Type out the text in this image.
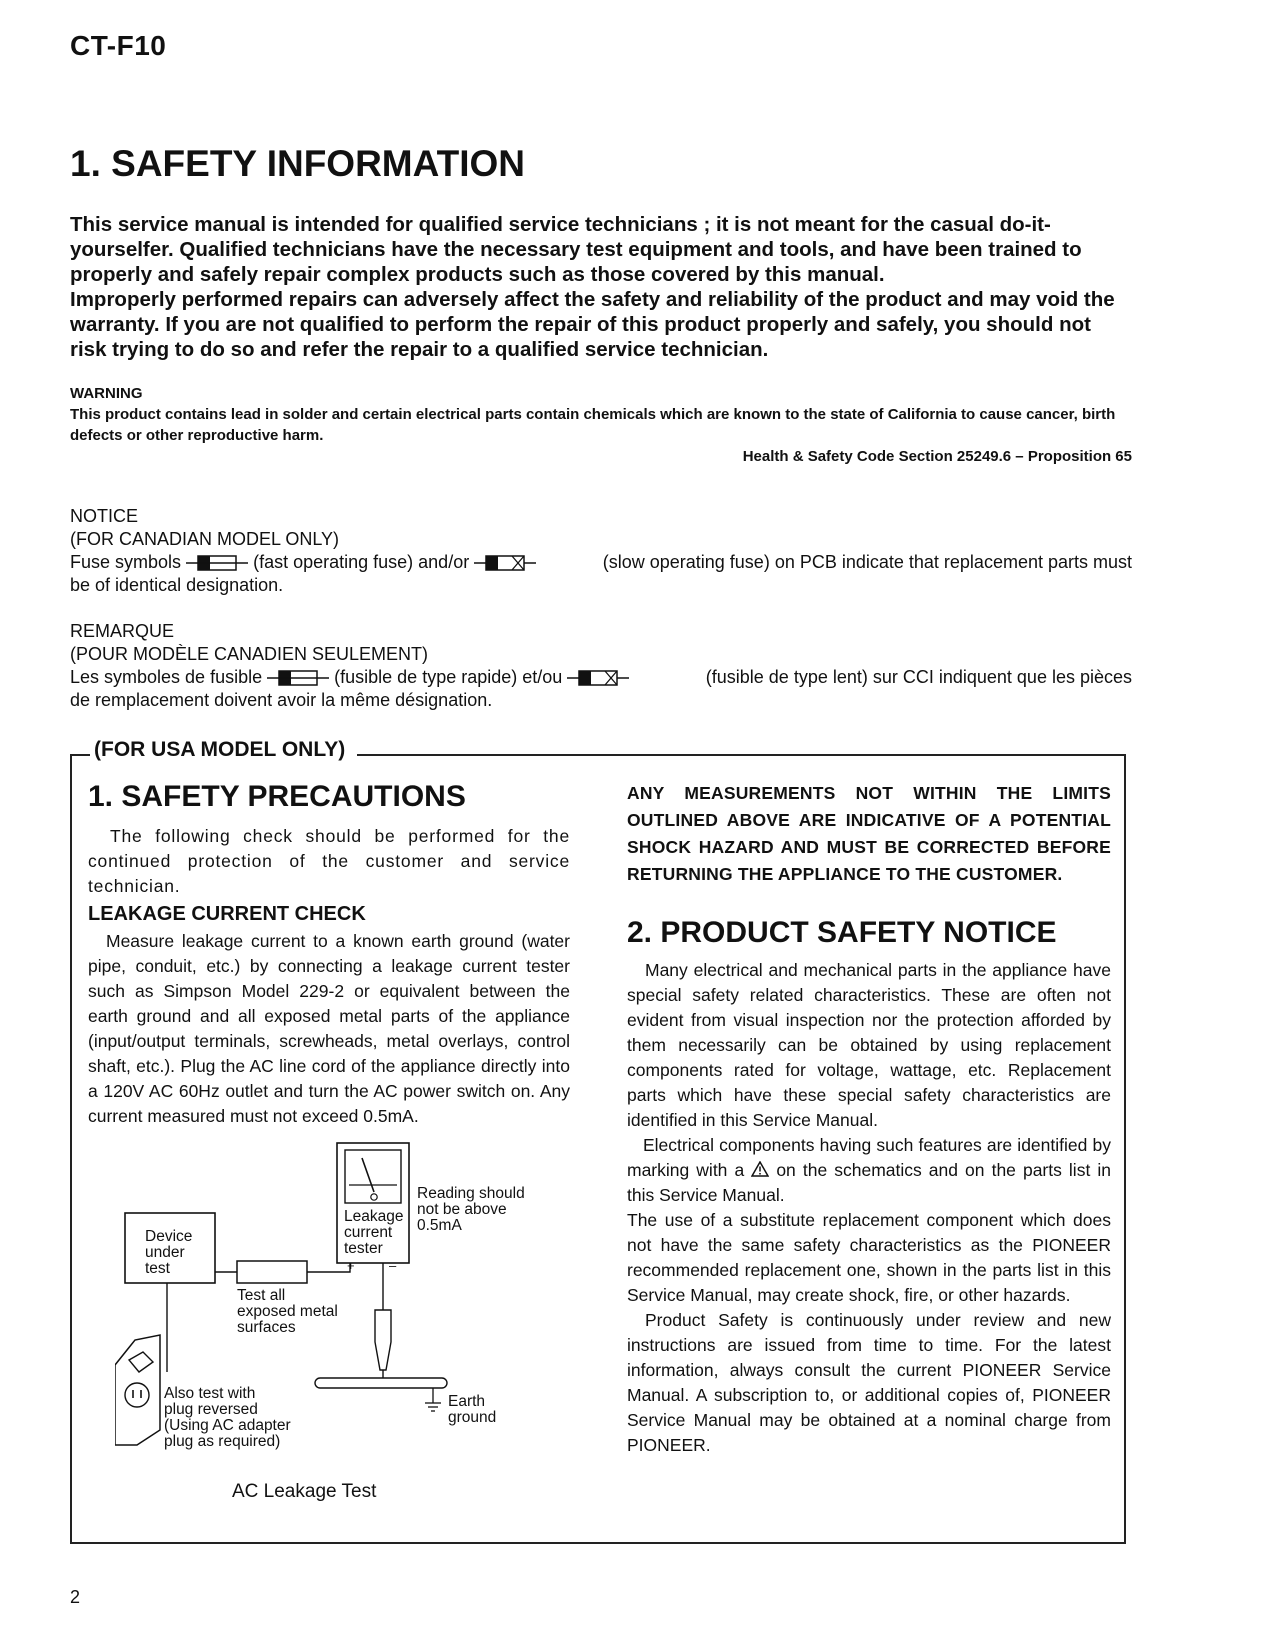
CT-F10
1. SAFETY INFORMATION

This service manual is intended for qualified service technicians ; it is not meant for the casual do-it-yourselfer. Qualified technicians have the necessary test equipment and tools, and have been trained to properly and safely repair complex products such as those covered by this manual.

Improperly performed repairs can adversely affect the safety and reliability of the product and may void the warranty. If you are not qualified to perform the repair of this product properly and safely, you should not risk trying to do so and refer the repair to a qualified service technician.

WARNING
This product contains lead in solder and certain electrical parts contain chemicals which are known to the state of California to cause cancer, birth defects or other reproductive harm.
Health & Safety Code Section 25249.6 – Proposition 65
NOTICE
(FOR CANADIAN MODEL ONLY)
Fuse symbols	(fast operating fuse) and/or	(slow operating fuse) on PCB indicate that replacement parts must
be of identical designation.
REMARQUE
(POUR MODÈLE CANADIEN SEULEMENT)
Les symboles de fusible	(fusible de type rapide) et/ou	(fusible de type lent) sur CCI indiquent que les pièces
de remplacement doivent avoir la même désignation.
(FOR USA MODEL ONLY)
1. SAFETY PRECAUTIONS

The following check should be performed for the continued protection of the customer and service technician.

LEAKAGE CURRENT CHECK

Measure leakage current to a known earth ground (water pipe, conduit, etc.) by connecting a leakage current tester such as Simpson Model 229-2 or equivalent between the earth ground and all exposed metal parts of the appliance (input/output terminals, screwheads, metal overlays, control shaft, etc.). Plug the AC line cord of the appliance directly into a 120V AC 60Hz outlet and turn the AC power switch on. Any current measured must not exceed 0.5mA.

ANY MEASUREMENTS NOT WITHIN THE LIMITS OUTLINED ABOVE ARE INDICATIVE OF A POTENTIAL SHOCK HAZARD AND MUST BE CORRECTED BEFORE RETURNING THE APPLIANCE TO THE CUSTOMER.

2. PRODUCT SAFETY NOTICE

Many electrical and mechanical parts in the appliance have special safety related characteristics. These are often not evident from visual inspection nor the protection afforded by them necessarily can be obtained by using replacement components rated for voltage, wattage, etc. Replacement parts which have these special safety characteristics are identified in this Service Manual.

Electrical components having such features are identified by marking with a on the schematics and on the parts list in this Service Manual.

The use of a substitute replacement component which does not have the same safety characteristics as the PIONEER recommended replacement one, shown in the parts list in this Service Manual, may create shock, fire, or other hazards.

Product Safety is continuously under review and new instructions are issued from time to time. For the latest information, always consult the current PIONEER Service Manual. A subscription to, or additional copies of, PIONEER Service Manual may be obtained at a nominal charge from PIONEER.

Device
under
test
Leakage
current
tester
+	–
Reading should
not be above
0.5mA
Test all
exposed metal
surfaces
Earth
ground
Also test with
plug reversed
(Using AC adapter
plug as required)
AC Leakage Test
2
